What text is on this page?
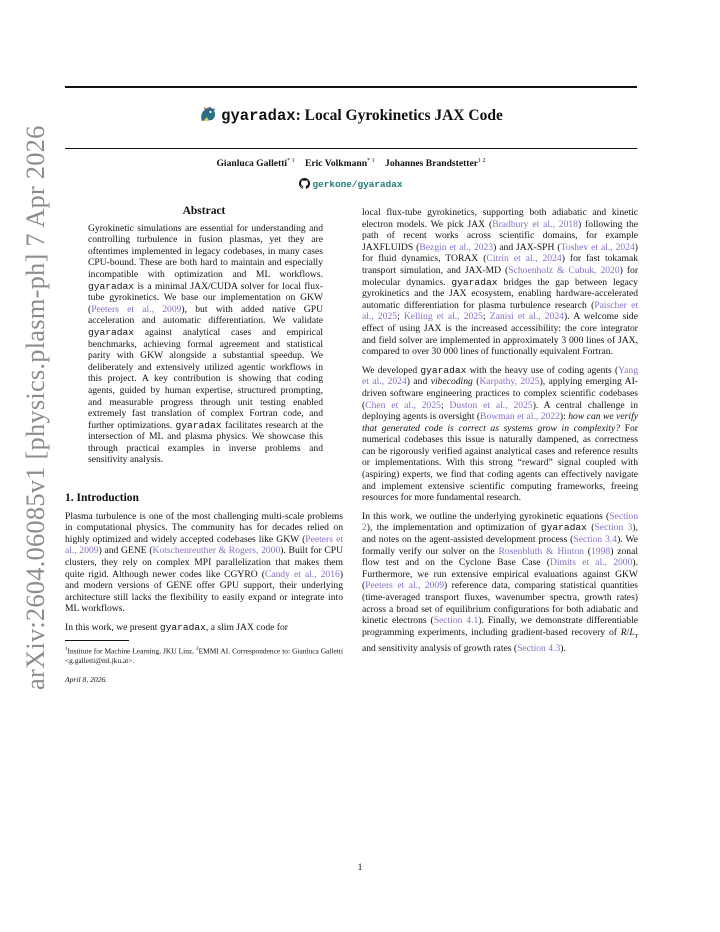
arXiv:2604.06085v1 [physics.plasm-ph] 7 Apr 2026
gyaradax: Local Gyrokinetics JAX Code
Gianluca Galletti$^{* 1}$ Eric Volkmann$^{* 1}$ Johannes Brandstetter$^{1 2}$
gerkone/gyaradax
Abstract

Gyrokinetic simulations are essential for understanding and controlling turbulence in fusion plasmas, yet they are oftentimes implemented in legacy codebases, in many cases CPU-bound. These are both hard to maintain and especially incompatible with optimization and ML workflows. gyaradax is a minimal JAX/CUDA solver for local flux-tube gyrokinetics. We base our implementation on GKW (Peeters et al., 2009), but with added native GPU acceleration and automatic differentiation. We validate gyaradax against analytical cases and empirical benchmarks, achieving formal agreement and statistical parity with GKW alongside a substantial speedup. We deliberately and extensively utilized agentic workflows in this project. A key contribution is showing that coding agents, guided by human expertise, structured prompting, and measurable progress through unit testing enabled extremely fast translation of complex Fortran code, and further optimizations. gyaradax facilitates research at the intersection of ML and plasma physics. We showcase this through practical examples in inverse problems and sensitivity analysis.

1. Introduction

Plasma turbulence is one of the most challenging multi-scale problems in computational physics. The community has for decades relied on highly optimized and widely accepted codebases like GKW (Peeters et al., 2009) and GENE (Kotschenreuther & Rogers, 2000). Built for CPU clusters, they rely on complex MPI parallelization that makes them quite rigid. Although newer codes like CGYRO (Candy et al., 2016) and modern versions of GENE offer GPU support, their underlying architecture still lacks the flexibility to easily expand or integrate into ML workflows.

In this work, we present gyaradax, a slim JAX code for

$^1$Institute for Machine Learning, JKU Linz, $^2$EMMI AI. Correspondence to: Gianluca Galletti <g.galletti@ml.jku.at>.

April 8, 2026.

local flux-tube gyrokinetics, supporting both adiabatic and kinetic electron models. We pick JAX (Bradbury et al., 2018) following the path of recent works across scientific domains, for example JAXFLUIDS (Bezgin et al., 2023) and JAX-SPH (Toshev et al., 2024) for fluid dynamics, TORAX (Citrin et al., 2024) for fast tokamak transport simulation, and JAX-MD (Schoenholz & Cubuk, 2020) for molecular dynamics. gyaradax bridges the gap between legacy gyrokinetics and the JAX ecosystem, enabling hardware-accelerated automatic differentiation for plasma turbulence research (Paischer et al., 2025; Kelling et al., 2025; Zanisi et al., 2024). A welcome side effect of using JAX is the increased accessibility: the core integrator and field solver are implemented in approximately 3 000 lines of JAX, compared to over 30 000 lines of functionally equivalent Fortran.

We developed gyaradax with the heavy use of coding agents (Yang et al., 2024) and vibecoding (Karpathy, 2025), applying emerging AI-driven software engineering practices to complex scientific codebases (Chen et al., 2025; Duston et al., 2025). A central challenge in deploying agents is oversight (Bowman et al., 2022): how can we verify that generated code is correct as systems grow in complexity? For numerical codebases this issue is naturally dampened, as correctness can be rigorously verified against analytical cases and reference results or implementations. With this strong “reward” signal coupled with (aspiring) experts, we find that coding agents can effectively navigate and implement extensive scientific computing frameworks, freeing resources for more fundamental research.

In this work, we outline the underlying gyrokinetic equations (Section 2), the implementation and optimization of gyaradax (Section 3), and notes on the agent-assisted development process (Section 3.4). We formally verify our solver on the Rosenbluth & Hinton (1998) zonal flow test and on the Cyclone Base Case (Dimits et al., 2000). Furthermore, we run extensive empirical evaluations against GKW (Peeters et al., 2009) reference data, comparing statistical quantities (time-averaged transport fluxes, wavenumber spectra, growth rates) across a broad set of equilibrium configurations for both adiabatic and kinetic electrons (Section 4.1). Finally, we demonstrate differentiable programming experiments, including gradient-based recovery of $R/L_T$ and sensitivity analysis of growth rates (Section 4.3).

1
